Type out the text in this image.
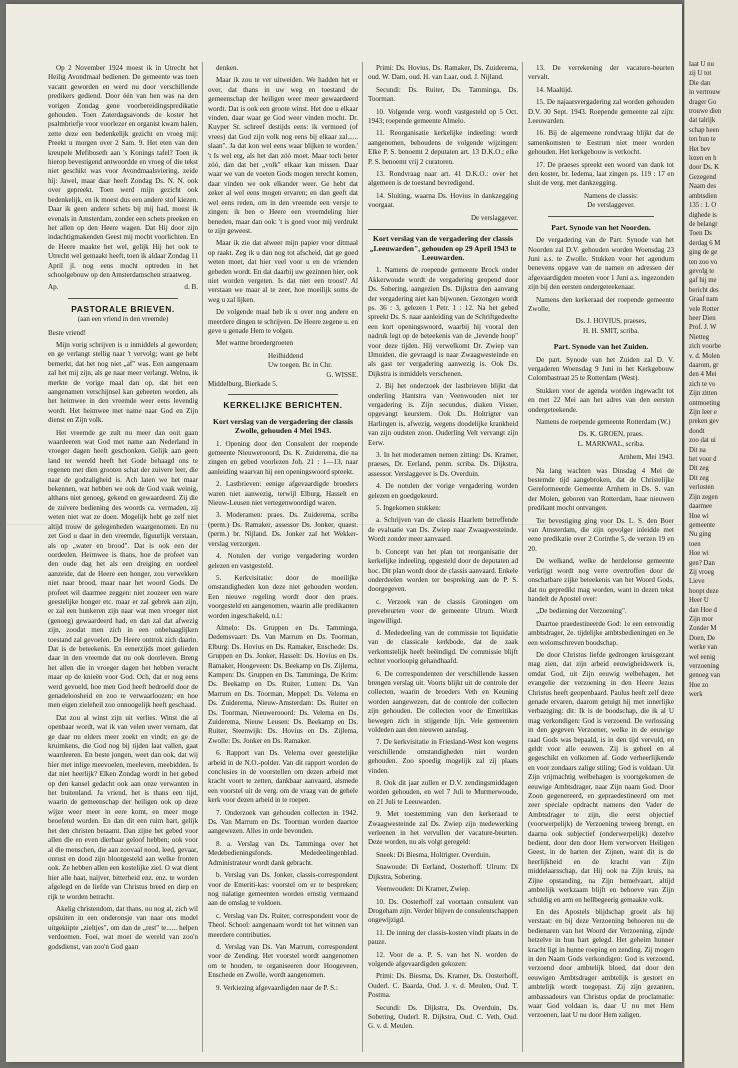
Op 2 November 1924 moest ik in Utrecht het Heilig Avondmaal bedienen. De gemeente was toen vacant geworden en werd nu door verschillende predikers gediend. Door één van hen was na den vorigen Zondag gene voorbereidingspredikatie gehouden. Toen Zaterdagsavonds de koster het psalmbriefje voor voorlezer en organist kwam halen, zette deze een bedenkelijk gezicht en vroeg mij: Preekt u morgen over 2 Sam. 9. Het eten van den kreupele Mefiboseth aan 's Konings tafel? Toen ik hierop bevestigend antwoordde en vroeg of die tekst niet geschikt was voor Avondmaalsviering, zeide hij: Jawel, maar daar heeft Zondag Ds. N. N. ook over gepreekt. Toen werd mijn gezicht ook bedenkelijk, en ik moest dus een andere stof kiezen. Daar ik geen andere schets bij mij had, moest ik evenals in Amsterdam, zonder een schets preeken en het allen op den Heere wagen. Dat Hij door zijn indachtigmakenden Geest mij mocht voorlichten. En de Heere maakte het wel, gelijk Hij het ook te Utrecht wel gemaakt heeft, toen ik aldaar Zondag 11 April jl. nog eens mocht optreden in het schoolgebouw op den Amsterdamschen straatweg.

Ap.	d. B.
PASTORALE BRIEVEN.
(aan een vriend in den vreemde)

Beste vriend!

Mijn vorig schrijven is u inmiddels al geworden; en ge verlangt stellig naar 't vervolg; want ge hebt bemerkt, dat het nog niet „af" was. Een aangenaam zal het mij zijn, als ge naar meer verlangt. Welnu, ik merkte de vorige maal dan op, dat het een aangenamen verschijnsel kan geheeten worden, als het heimwee in den vreemde weer eens levendig wordt. Het heimwee met name naar God en Zijn dienst en Zijn volk.

Het vreemde ge zult nu meer dan ooit gaan waardeeren wat God met name aan Nederland in vroeger dagen heeft geschonken. Gelijk aan geen land ter wereld heeft het Gode behaagd ons te regenen met dien grooten schat der zuivere leer, die naar de godzaligheid is. Ach laten we het maar bekennen, wat hebben we ook de God vaak weinig, althans niet genoeg, gekend en gewaardeerd. Zij die de zuivere bediening des woords ca. vermaden, zij weten niet wat ze doen. Mogelijk hebt ge zelf niet altijd trouw de gelegenheden waargenomen. En nu zet God u daar in den vreemde, figuurlijk verstaan, als op „water en brood". Dat is ook een der oordeelen. Heimwee is thans, hoe de profeet van den oude dag het als een dreiging en oordeel aanzeide, dat de Heere een honger, zou verwekken niet naar brood, maar naar het woord Gods. De profeet wil daarmee zeggen: niet zoozeer een ware geestelijke honger etc. maar er zal gebrek aan zijn, er zal een hunkeren zijn naar wat men vroeger niet (genoeg) gewaardeerd had, en dan zal dat afwezig zijn, zoodat men zich in een onbehaaglijken toestand zal gevoelen. De Heere onttrok zich daarin. Dat is de beteekenis. En eenerzijds moet gelieden daar in den vreemde dat nu ook doorleven. Breng het allen die in vroeger dagen het hebben veracht maar op de knieën voor God. Och, dat er nog eens werd gevoeld, hoe men God heeft bedroefd door de genadeloosheid en zoo te verwaarloozen; en hoe men eigen zieleheil zoo onnoogelijk heeft geschaad.

Dat zou al winst zijn uit verlies. Winst die al openbaar wordt, wat ik van velen uwer vernam, dat ge daar nu elders meer zoekt en vindt; en ge de kruimkens, die God nog bij tijden laat vallen, gaat waardeeren. En beste jongen, weet dan ook, dat wij hier met inlige meevoelen, meeleven, meebidden. Is dat niet heerlijk? Elken Zondag wordt in het gebed op den kansel gedacht ook aan onze verwanten in het buitenland. Ja vriend, het is thans een tijd, waarin de gemeenschap der heiligen ook op deze wijze weer meer in eere komt, en meer moge beoefend worden. En dan dit een ruim hart, gelijk het den christen betaamt. Dan zijne het gebed voor allen die en even dierbaar geloof hebben; ook voor al die menschen, die aan zoovaal nood, leed, gevaar, onrust en dood zijn blootgesteld aan welke fronten ook. Ze hebben allen een kostelijke ziel. O wat dient hier alle haat, naijver, bitterheid enz. enz. te worden afgelegd en de liefde van Christus breed en diep en rijk te worden betracht.

Akelig christendom, dat thans, nu nog al, zich wil opsluiten in een onderonsje van naar ons model uitgekiipte „zieltjes", om dan de „rest" te...... helpen verdoemen. Foei, wat moet de wereld van zoo'n godsdienst, van zoo'n God gaan

denken.

Maar ik zou te ver uitweiden. We hadden het er over, dat thans in uw weg en toestand de gemeenschap der heiligen weer meer gewaardeerd wordt. Dat is ook een groote winst. Het doe u elkaar vinden, daar waar ge God weer vinden mocht. Dr. Kuyper Sr. schreef destijds eens: ik vermoed (of vrees) dat God zijn volk nog eens bij elkaar zal...... slaan". Ja dat kon wel eens waar blijken te worden.' 't Is wel erg, als het dan zóó moet. Maar toch beter zóó, dan dat het „volk" elkaar kan missen. Daar waar we van de voeten Gods mogen terecht komen, daar vinden we ook elkander weer. Ge hebt dat zeker al wel eens mogen ervaren; en dan geeft dat wel eens reden, om in den vreemde een versje te zingen: ik ben o Heere een vreemdeling hier beneden, maar dan ook: 't is goed voor mij verdrukt te zijn geweest.

Maar ik zie dat alweer mijn papier voor ditmaal op raakt. Zeg ik u dan nog tot afscheid, dat ge goed weten moet, dat hier veel voor u en de vrienden gebeden wordt. En dat daarbij uw gezinnen hier, ook niet worden vergeten. Is dat niet een troost? Al verstaan we maar al te zeer, hoe moeilijk soms de weg u zal lijken.

De volgende maal heb ik u over nog andere en meerdere dingen te schrijven. De Heere zegene u. en geve u genade Hem te volgen.

Met warme broedergroeten

Heilhiddend
Uw toegen. Br. in Chr.
G. WISSE.

Middelburg, Bierkade 5.

KERKELIJKE BERICHTEN.
Kort verslag van de vergadering der classis Zwolle, gehouden 4 Mei 1943.

1. Opening door den Consulent der roepende gemeente Nieuwerooord, Ds. K. Zuiderema, die na zingen en gebed voorlezen Joh. 21 : 1—13, naar aanleiding waarvan hij een openingswoord spreekt.

2. Lastbrieven: eenige afgevaardigde broeders waren niet aanwezig, terwijl Elburg, Hasselt en Nieuw-Leusen niet vertegenwoordigd waren.

3. Moderamen: praes. Ds. Zuiderema, scriba (perm.) Ds. Ramaker, assessor Ds. Jonker, quaest. (perm.) br. Nijland. Ds. Jonker zal het Wekker-verslag verzorgen.

4. Notulen der vorige vergadering worden gelezen en vastgesteld.

5. Kerkvisitatie: door de moeilijke omstandigheden kon deze niet gehouden worden. Een nieuwe regeling wordt door den praes. voorgesteld en aangenomen, waarin alle predikanten worden ingeschakeld, n.l.:

Almelo: Ds. Gruppen en Ds. Tamminga, Dedemsvaart: Ds. Van Marrum en Ds. Toorman, Elburg: Ds. Hovius en Ds. Ramaker, Enschede: Ds. Gruppen en Ds. Jonker, Hasselt: Ds. Hovius en Ds. Ramaker, Hoogeveen: Ds. Beekamp en Ds. Zijlema, Kampen: Ds. Gruppen en Ds. Tamminga, De Krim: Ds. Beekamp en Ds. Ruiter, Lutten: Ds. Van Marrum en Ds. Toorman, Meppel: Ds. Velema en Ds. Zuiderema, Nieuw-Amsterdam: Ds. Ruiter en Ds. Toorman, Nieuwerooord: Ds. Velema en Ds. Zuiderema, Nieuw Leusen: Ds. Beekamp en Ds. Ruiter, Steenwijk: Ds. Hovius en Ds. Zijlema, Zwolle: Ds. Jonker en Ds. Ramaker.

6. Rapport van Ds. Velema over geestelijke arbeid in de N.O.-polder. Van dit rapport worden de conclusies in de voorstellen om dezen arbeid met kracht voort te zetten, dankbaar aanvaard, alsmede een voorstel uit de verg. om de vraag van de gehele kerk voor dezen arbeid in te roepen.

7. Onderzoek van gehouden collecten in 1942. Ds. Van Marrum en Ds. Toorman worden daartoe aangewezen. Alles in orde bevonden.

8. a. Verslag van Ds. Tamminga over het Medebedieningsfonds. Mededeelingenblad. Administrateur wordt dank gebracht.

b. Verslag van Ds. Jonker, classis-correspondent voor de Emeriti-kas: voorstel om er te bespreken; nog nalatige gemeenten worden ernstig vermaand aan de omslag te voldoen.

c. Verslag van Ds. Ruiter, correspondent voor de Theol. School: aangenaam wordt tot het winnen van meerdere contributies.

d. Verslag van Ds. Van Marrum, correspondent voor de Zending. Het voorstel wordt aangenomen om te houden, te organiseeren door Hoogeveen, Enschede en Zwolle, wordt aangenomen.

9. Verkiezing afgevaardigden naar de P. S.:

Primi: Ds. Hovius, Ds. Ramaker, Ds. Zuiderema, oud. W. Dam, oud. H. van Laar, oud. J. Nijland.

Secundi: Ds. Ruiter, Ds. Tamminga, Ds. Toorman.

10. Volgende verg. wordt vastgesteld op 5 Oct. 1943; roepende gemeente Almelo.

11. Reorganisatie kerkelijke indeeling: wordt aangenomen, behoudens de volgende wijzingen: Elke P. S. benoemt 2 deputaten art. 13 D.K.O.; elke P. S. benoemt vrij 2 curatoren.

13. Rondvraag naar art. 41 D.K.O.: over het algemeen is de toestand bevredigend.

14. Sluiting, waarna Ds. Hovius in dankzegging voorgaat.

De verslaggever.
Kort verslag van de vergadering der classis „Leeuwarden", gehouden op 29 April 1943 te Leeuwarden.

1. Namens de roepende gemeente Brock onder Akkerwoude wordt de vergadering geopend door Ds. Sobering, aangezien Ds. Dijkstra den aanvang der vergadering niet kan bijwonen. Gezongen wordt ps. 36 : 3, gelezen 1 Petr. 1 : 12. Na het gebed spreekt Ds. S. naar aanleiding van de Schriftgedeelte een kort openingswoord, waarbij hij vooral den nadruk legt op de beteekenis van de „levende hoop" voor deze tijden. Hij verwelkomt Dr. Zwiep van IJmuiden, die gevraagd is naar Zwaagwesteinde en als gast ter vergadering aanwezig is. Ook Ds. Dijkstra is inmiddels verschenen.

2. Bij het onderzoek der lastbrieven blijkt dat onderling Hantstra van Veenwouden niet ter vergadering is. Zijn secundus, diaken Visser, opgevangt keurstem. Ook Ds. Holtrigter van Harlingen is, afwezig, wegens doodelijke krankheid van zijn oudsten zoon. Ouderling Velt vervangt zijn Eerw.

3. In het moderamen nemen zitting: Ds. Kramer, praeses, Dr. Eerland, penm. scriba. Ds. Dijkstra, assessor. Verslaggever is Ds. Overduin.

4. De notulen der vorige vergadering worden gelezen en goedgekeurd.

5. Ingekomen stukken:

a. Schrijven van de classis Haarlem betreffende de evaluatie van Ds. Zwiep naar Zwaagwesteinde. Wordt zonder meer aanvaard.

b. Concept van het plan tot reorganisatie der kerkelijke indeeling, opgesteld door de deputaten ad hoc. Dit plan wordt door de classis aanvaard. Enkele onderdeelen worden ter bespreking aan de P. S. doorgegeven.

c. Verzoek van de classis Groningen om prevebeurten voor de gemeente Ulrum. Wordt ingewilligd.

d. Mededeeling van de commissie tot liquidatie van de classicale kerkbode, dat de zaak verkomstelijk heeft beëindigd. De commissie blijft echter voorloopig gehandhaafd.

6. De correspondenten der verschillende kassen brengen verslag uit. Voorts blijkt uit de controle der collecten, waarin de broeders Veth en Keuning worden aangewezen, dat de controle der collecten zijn gehouden. De collecten voor de Emeritikas hewegen zich in stijgende lijn. Vele gemeenten voldeden aan den nieuwen aanslag.

7. De kerkvisitatie in Friesland-West kon wegens verschillende omstandigheden niet worden gehouden. Zoo spoedig mogelijk zal zij plaats vinden.

8. Ook dit jaar zullen er D.V. zendingsmiddagen worden gehouden, en wel 7 Juli te Murmerwoude, en 21 Juli te Leeuwarden.

9. Met toestemming van den kerkeraad te Zwaagwesteinde zal Ds. Zwiep zijn medewerking verleenen in het vervullen der vacature-beurten. Deze worden, nu als volgt geregeld:

Sneek: Di Biesma, Holtrigter. Overduin.

Snawoude: Di Eerland, Oosterhoff. Ulrum: Di Dijkstra, Sobering.

Veenwouden: Di Kramer, Zwiep.

10. Ds. Oosterhoff zal voortaan consulent van Drogeham zijn. Verder blijven de consulentschappen ongewijzigd.

11. De inning der classis-kosten vindt plaats in de pauze.

12. Voor de a. P. S. van het N. worden de volgende afgevaardigden gekozen:

Primi: Ds. Biesma, Ds. Kramer, Ds. Oosterhoff, Ouderl. C. Baarda, Oud. J. v. d. Meulen, Oud. T. Postma.

Secundi: Ds. Dijkstra, Ds. Overduin, Ds. Sobering, Ouderl. R. Dijkstra, Oud. C. Veth, Oud. G. v. d. Meulen.

13. De verrekening der vacature-beurten vervalt.

14. Maaltijd.

15. De najaarsvergadering zal worden gehouden D.V. 30 Sept. 1943. Roepende gemeente zal zijn: Leeuwarden.

16. Bij de algemeene rondvraag blijkt dat de samenkomsten te Eestrum niet meer worden gehouden. Het kerkgebouw is verkocht.

17. De praeses spreekt een woord van dank tot den koster, br. Iedema, laat zingen ps. 119 : 17 en sluit de verg. met dankzegging.

Namens de classis:
De verslaggever.
Part. Synode van het Noorden.

De vergadering van de Part. Synode van het Noorden zal D.V. gehouden worden Woensdag 23 Juni a.s. te Zwolle. Stukken voor het agendum benevens opgave van de namen en adressen der afgevaardigden moeten voor 1 Juni a.s. ingezonden zijn bij den eersten ondergeteekenaar.

Namens den kerkeraad der roepende gemeente Zwolle,

Ds. J. HOVIUS, praeses,
H. H. SMIT, scriba.
Part. Synode van het Zuiden.

De part. Synode van het Zuiden zal D. V. vergaderen Woensdag 9 Juni in het Kerkgebouw Colombastraat 25 te Rotterdam (West).

Stukken voor de agenda worden ingewacht tot en met 22 Mei aan het adres van den eersten ondergeteekende.

Namens de roepende gemeente Rotterdam (W.)

Ds. K. GROEN, praes.
L. MARKWAL, scriba.
Arnhem, Mei 1943.

Na lang wachten was Dinsdag 4 Mei de bestemde tijd aangebroken, dat de Christelijke Gereformeerde Gemeente Arnhem in Ds. S. van der Molen, geboren van Rotterdam, haar nieuwen predikant mocht ontvangen.

Ter bevestiging ging voor Ds. L. S. den Boer van Amsterdam, die zijn opvolger inleidde met eene predikatie over 2 Corinthe 5, de verzen 19 en 20.

De welkand, welke de herdeloose gemeente verkrijgt wordt nog verre overtroffen door de onschatbare zijke beteekenis van het Woord Gods, dat nu gepredikt mag worden, want in dezen tekst handelt de Apostel over:

„De bediening der Verzoening".

Daartoe praedestineerde God: 1e een eenvoudig ambtsdrager, 2e. tijdelijke ambtsbedieningen en 3e een welomschreven boodschap.

De door Christus liefde gedrongen kruisgezant mag zien, dat zijn arbeid eeuwigheidswerk is, omdat God, uit Zijn eeuwig welbehagen, het evangelie der verzoening in den Heere Jezus Christus heeft geopenbaard. Paulus heeft zelf deze genade ervaren, daarom getuigt hij met innerlijke verbaziging: dit: Ik is de boodschap, die ik al U mag verkondigen: God is verzoend. De verlossing in den gegeven Verzoener, welke in de eeuwige raad Gods was bepaald, is in den tijd vervuld, en geldt voor alle eeuwen. Zij is geheel en al gegeschikt en volkomen af. Gode verheerlijkende en voor zondaars zalige stiling; God is voldaan. Uit Zijn vrijmachtig welbehagen is voortgekomen de eeuwige Ambtsdrager, naar Zijn naam God. Door Zoon gegenereerd, en gepraedestineerd om met zeer speciale opdracht namens den Vader de Ambtsdrager te zijn, die eerst objectief (voorwerpelijk) de Verzoening teweeg brengt, en daarna ook subjectief (onderwerpelijk) dezelve bedient, door den door Hem verworven Heiligen Geest, in de harten der Zijnen, want dit is de heerlijkheid en de kracht van Zijn middelaarsschap, dat Hij ook na Zijn kruis, na Zijne opstanding, na Zijn hemelvaart, altijd ambtelijk werkzaam blijft en behoeve van Zijn schuldig en arm en hellbegeerig gemaakte volk.

En des Apostels blijdschap groeit als hij verstaat: en bij deze Verzoening behooren nu de bedienaren van het Woord der Verzoening, zijnde hetzelve in hun hart gelegd. Het geheim hunner kracht ligt in hunne roeping en zending. Zij mogen in den Naam Gods verkondigen: God is verzoend, verzoend door ambtelijk bloed, dat door den eeuwigen Ambtsdrager ambtelijk is gestort en ambtelijk wordt toegepast. Zij zijn gezanten, ambassadeurs van Christus opdat de proclamatie: waar God voldaan is, daar U nu met Hem verzoenen, laat U nu door Hem zaligen.

laat U nu
zij U tot
Die dan
in vertrouw
drager Go
trouwe dien
dat talrijk
schap heen
ten hun te
Het bev
lezen en h
door Ds. K
Gezegend
Naam des
ambtsdien
135 : 1. O
dighede is
de belangr
Toen Ds
derdag 6 M
ging de ge
ten zoo vo
gevolg te
gaf hij me
bericht des
Graaf nam
vele Rotter
heer Dien
Prof. J. W
Nietteg
zich voorbe
v. d. Molen
daarom, gr
den 4 Mei
zich te vo
Zijn zitten
ontmoeting
Zijn leer e
preken gev
doodt
zoo dat ui
Dit na
het voor d
Dit zeg
Dit zeg
verlosten
Zijn zegen
daarmee
Hoe wi
gemeente
Nu ging
toen
Hoe wi
gen? Dan
Zij vroeg
Lieve
hoopt deze
Heer U
dan Hoe d
Zijn mor
Zonder M
Doen, De
werke van
wel eenig
verzoening
genoeg van
Hoe zo
werk
